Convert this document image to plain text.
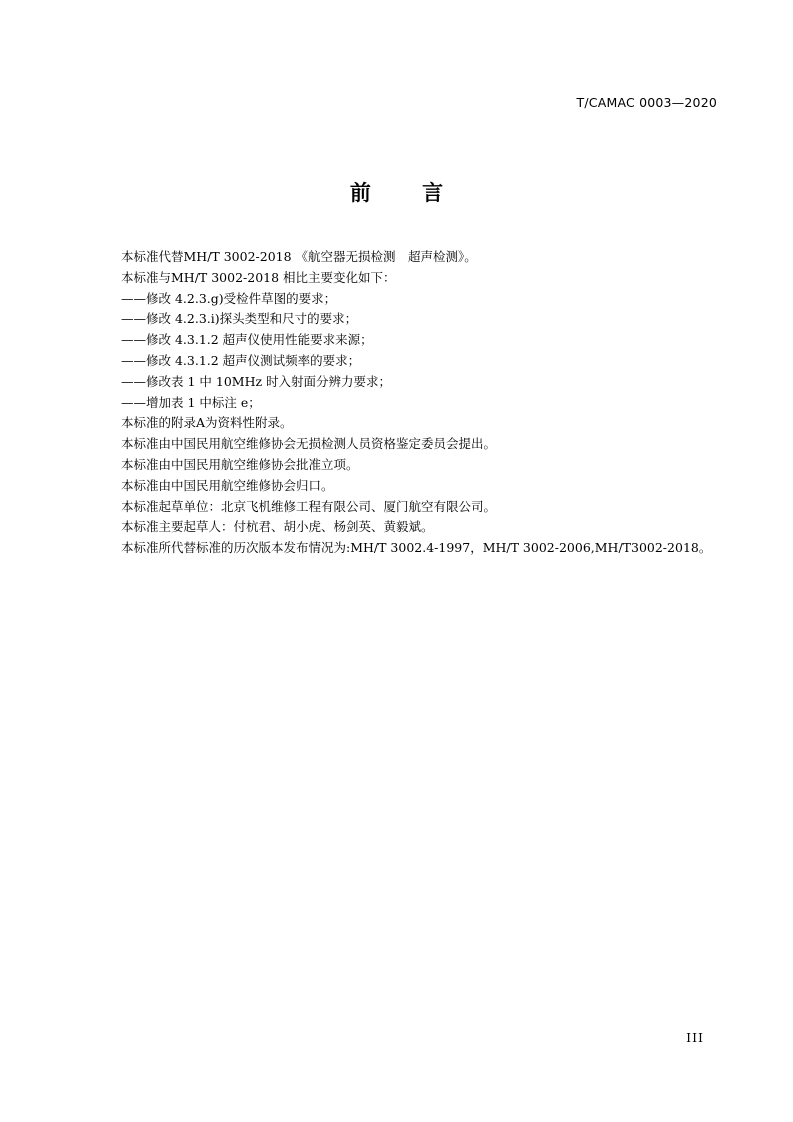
T/CAMAC 0003—2020
前 言
本标准代替MH/T 3002-2018 《航空器无损检测　超声检测》。
本标准与MH/T 3002-2018 相比主要变化如下：
——修改 4.2.3.g)受检件草图的要求；
——修改 4.2.3.i)探头类型和尺寸的要求；
——修改 4.3.1.2 超声仪使用性能要求来源；
——修改 4.3.1.2 超声仪测试频率的要求；
——修改表 1 中 10MHz 时入射面分辨力要求；
——增加表 1 中标注 e；
本标准的附录A为资料性附录。
本标准由中国民用航空维修协会无损检测人员资格鉴定委员会提出。
本标准由中国民用航空维修协会批准立项。
本标准由中国民用航空维修协会归口。
本标准起草单位：北京飞机维修工程有限公司、厦门航空有限公司。
本标准主要起草人：付杭君、胡小虎、杨剑英、黄毅斌。
本标准所代替标准的历次版本发布情况为:MH/T 3002.4-1997，MH/T 3002-2006,MH/T3002-2018。
III
